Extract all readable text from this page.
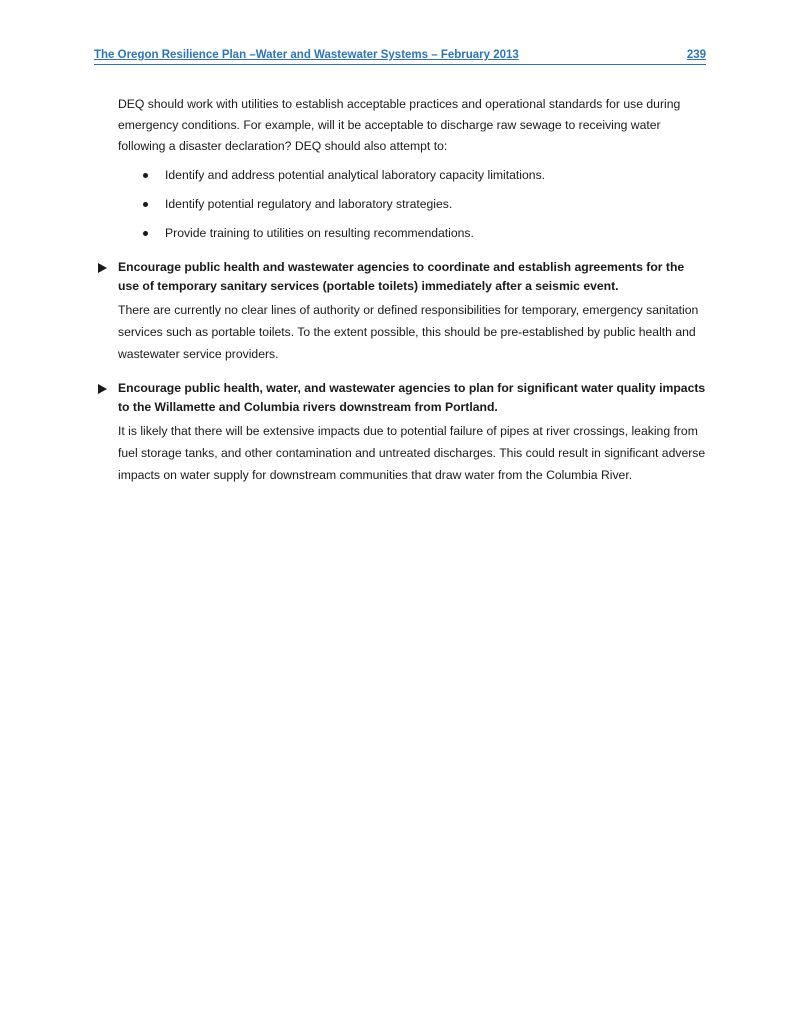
The Oregon Resilience Plan –Water and Wastewater Systems – February 2013	239

DEQ should work with utilities to establish acceptable practices and operational standards for use during emergency conditions. For example, will it be acceptable to discharge raw sewage to receiving water following a disaster declaration? DEQ should also attempt to:

Identify and address potential analytical laboratory capacity limitations.
Identify potential regulatory and laboratory strategies.
Provide training to utilities on resulting recommendations.

Encourage public health and wastewater agencies to coordinate and establish agreements for the use of temporary sanitary services (portable toilets) immediately after a seismic event.

There are currently no clear lines of authority or defined responsibilities for temporary, emergency sanitation services such as portable toilets. To the extent possible, this should be pre-established by public health and wastewater service providers.

Encourage public health, water, and wastewater agencies to plan for significant water quality impacts to the Willamette and Columbia rivers downstream from Portland.

It is likely that there will be extensive impacts due to potential failure of pipes at river crossings, leaking from fuel storage tanks, and other contamination and untreated discharges. This could result in significant adverse impacts on water supply for downstream communities that draw water from the Columbia River.
